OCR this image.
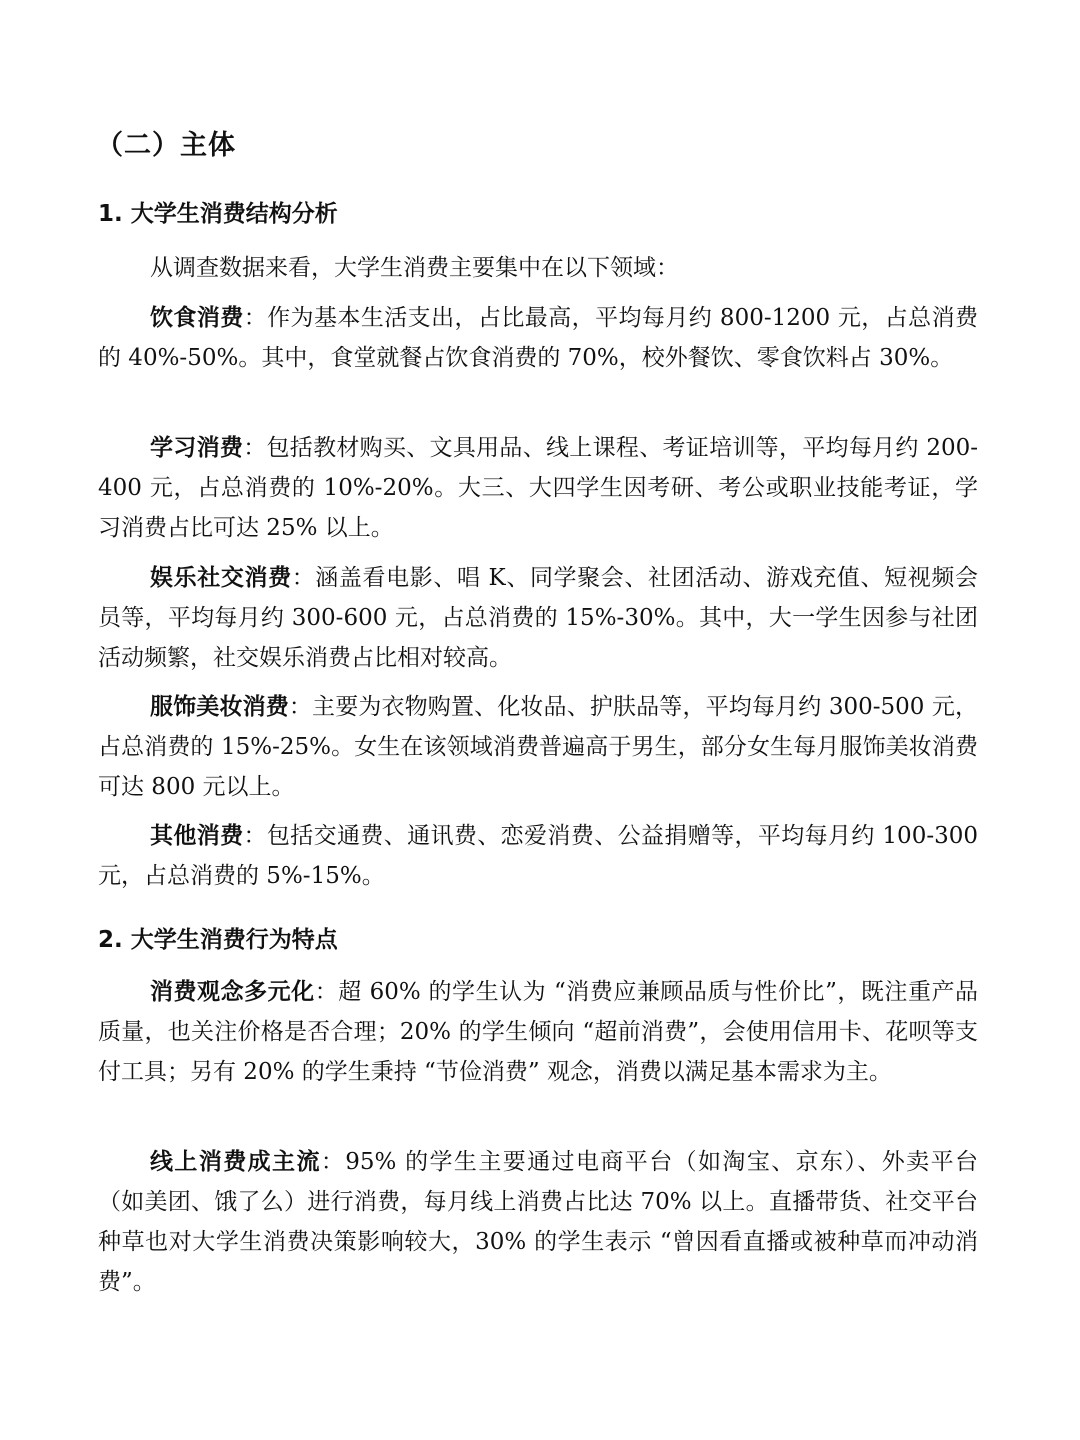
（二）主体
1. 大学生消费结构分析

从调查数据来看，大学生消费主要集中在以下领域：

饮食消费：作为基本生活支出，占比最高，平均每月约 800-1200 元，占总消费的 40%-50%。其中，食堂就餐占饮食消费的 70%，校外餐饮、零食饮料占 30%。

学习消费：包括教材购买、文具用品、线上课程、考证培训等，平均每月约 200-400 元，占总消费的 10%-20%。大三、大四学生因考研、考公或职业技能考证，学习消费占比可达 25% 以上。

娱乐社交消费：涵盖看电影、唱 K、同学聚会、社团活动、游戏充值、短视频会员等，平均每月约 300-600 元，占总消费的 15%-30%。其中，大一学生因参与社团活动频繁，社交娱乐消费占比相对较高。

服饰美妆消费：主要为衣物购置、化妆品、护肤品等，平均每月约 300-500 元，占总消费的 15%-25%。女生在该领域消费普遍高于男生，部分女生每月服饰美妆消费可达 800 元以上。

其他消费：包括交通费、通讯费、恋爱消费、公益捐赠等，平均每月约 100-300 元，占总消费的 5%-15%。

2. 大学生消费行为特点

消费观念多元化：超 60% 的学生认为 “消费应兼顾品质与性价比”，既注重产品质量，也关注价格是否合理；20% 的学生倾向 “超前消费”，会使用信用卡、花呗等支付工具；另有 20% 的学生秉持 “节俭消费” 观念，消费以满足基本需求为主。

线上消费成主流：95% 的学生主要通过电商平台（如淘宝、京东）、外卖平台（如美团、饿了么）进行消费，每月线上消费占比达 70% 以上。直播带货、社交平台种草也对大学生消费决策影响较大，30% 的学生表示 “曾因看直播或被种草而冲动消费”。
